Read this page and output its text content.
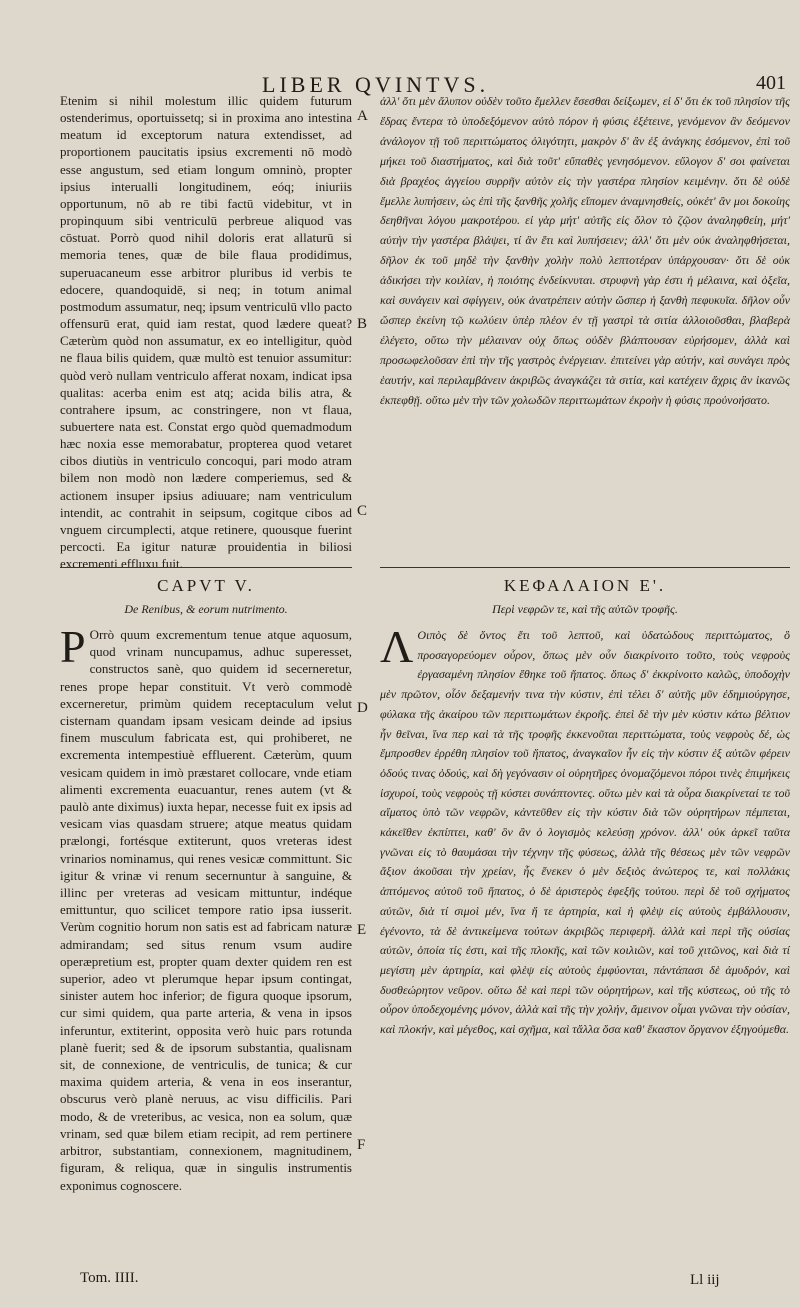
LIBER QVINTVS.	401

Etenim si nihil molestum illic quidem futurum ostenderimus, oportuissetq; si in proxima ano intestina meatum id exceptorum natura extendisset, ad proportionem paucitatis ipsius excrementi nō modò esse angustum, sed etiam longum omninò, propter ipsius interualli longitudinem, eóq; iniuriis opportunum, nō ab re tibi factū videbitur, vt in propinquum sibi ventriculū perbreue aliquod vas cōstuat. Porrò quod nihil doloris erat allaturū si memoria tenes, quæ de bile flaua prodidimus, superuacaneum esse arbitror pluribus id verbis te edocere, quandoquidē, si neq; in totum animal postmodum assumatur, neq; ipsum ventriculū vllo pacto offensurū erat, quid iam restat, quod lædere queat? Cæterùm quòd non assumatur, ex eo intelligitur, quòd ne flaua bilis quidem, quæ multò est tenuior assumitur: quòd verò nullam ventriculo afferat noxam, indicat ipsa qualitas: acerba enim est atq; acida bilis atra, & contrahere ipsum, ac constringere, non vt flaua, subuertere nata est. Constat ergo quòd quemadmodum hæc noxia esse memorabatur, propterea quod vetaret cibos diutiùs in ventriculo concoqui, pari modo atram bilem non modò non lædere comperiemus, sed & actionem insuper ipsius adiuuare; nam ventriculum intendit, ac contrahit in seipsum, cogitque cibos ad vnguem circumplecti, atque retinere, quousque fuerint percocti. Ea igitur naturæ prouidentia in biliosi excrementi effluxu fuit.

A
B
C
D
E
F

ἀλλ' ὅτι μὲν ἄλυπον οὐδὲν τοῦτο ἔμελλεν ἔσεσθαι δείξωμεν, εἰ δ' ὅτι ἐκ τοῦ πλησίον τῆς ἕδρας ἔντερα τὸ ὑποδεξόμενον αὐτὸ πόρον ἡ φύσις ἐξέτεινε, γενόμενον ἂν δεόμενον ἀνάλογον τῇ τοῦ περιττώματος ὀλιγότητι, μακρὸν δ' ἂν ἐξ ἀνάγκης ἐσόμενον, ἐπὶ τοῦ μήκει τοῦ διαστήματος, καὶ διὰ τοῦτ' εὔπαθὲς γενησόμενον. εὔλογον δ' σοι φαίνεται διὰ βραχέος ἀγγείου συρρῆν αὐτὸν εἰς τὴν γαστέρα πλησίον κειμένην. ὅτι δὲ οὐδὲ ἔμελλε λυπήσειν, ὡς ἐπὶ τῆς ξανθῆς χολῆς εἴπομεν ἀναμνησθείς, οὐκέτ' ἂν μοι δοκοίης δεηθῆναι λόγου μακροτέρου. εἰ γὰρ μήτ' αὐτῆς εἰς ὅλον τὸ ζῷον ἀναληφθείη, μήτ' αὐτὴν τὴν γαστέρα βλάψει, τί ἂν ἔτι καὶ λυπήσειεν; ἀλλ' ὅτι μὲν οὐκ ἀναληφθήσεται, δῆλον ἐκ τοῦ μηδὲ τὴν ξανθὴν χολὴν πολὺ λεπτοτέραν ὑπάρχουσαν· ὅτι δὲ οὐκ ἀδικήσει τὴν κοιλίαν, ἡ ποιότης ἐνδείκνυται. στρυφνὴ γὰρ ἐστι ἡ μέλαινα, καὶ ὀξεῖα, καὶ συνάγειν καὶ σφίγγειν, οὐκ ἀνατρέπειν αὐτὴν ὥσπερ ἡ ξανθὴ πεφυκυῖα. δῆλον οὖν ὥσπερ ἐκείνη τῷ κωλύειν ὑπὲρ πλέον ἐν τῇ γαστρὶ τὰ σιτία ἀλλοιοῦσθαι, βλαβερὰ ἐλέγετο, οὕτω τὴν μέλαιναν οὐχ ὅπως οὐδὲν βλάπτουσαν εὑρήσομεν, ἀλλὰ καὶ προσωφελοῦσαν ἐπὶ τὴν τῆς γαστρὸς ἐνέργειαν. ἐπιτείνει γὰρ αὐτήν, καὶ συνάγει πρὸς ἑαυτήν, καὶ περιλαμβάνειν ἀκριβῶς ἀναγκάζει τὰ σιτία, καὶ κατέχειν ἄχρις ἂν ἱκανῶς ἐκπεφθῇ. οὕτω μὲν τὴν τῶν χολωδῶν περιττωμάτων ἐκροὴν ἡ φύσις προὐνοήσατο.

CAPVT V.
De Renibus, & eorum nutrimento.
ΚΕΦΑΛΑΙΟΝ Ε'.
Περὶ νεφρῶν τε, καὶ τῆς αὐτῶν τροφῆς.

P Orrò quum excrementum tenue atque aquosum, quod vrinam nuncupamus, adhuc superesset, constructos sanè, quo quidem id secerneretur, renes prope hepar constituit. Vt verò commodè excerneretur, primùm quidem receptaculum velut cisternam quandam ipsam vesicam deinde ad ipsius finem musculum fabricata est, qui prohiberet, ne excrementa intempestiuè effluerent. Cæterùm, quum vesicam quidem in imò præstaret collocare, vnde etiam alimenti excrementa euacuantur, renes autem (vt & paulò ante diximus) iuxta hepar, necesse fuit ex ipsis ad vesicam vias quasdam struere; atque meatus quidam prælongi, fortésque extiterunt, quos vreteras idest vrinarios nominamus, qui renes vesicæ committunt. Sic igitur & vrinæ vi renum secernuntur à sanguine, & illinc per vreteras ad vesicam mittuntur, indéque emittuntur, quo scilicet tempore ratio ipsa iusserit. Verùm cognitio horum non satis est ad fabricam naturæ admirandam; sed situs renum vsum audire operæpretium est, propter quam dexter quidem ren est superior, adeo vt plerumque hepar ipsum contingat, sinister autem hoc inferior; de figura quoque ipsorum, cur simi quidem, qua parte arteria, & vena in ipsos inferuntur, extiterint, opposita verò huic pars rotunda planè fuerit; sed & de ipsorum substantia, qualisnam sit, de connexione, de ventriculis, de tunica; & cur maxima quidem arteria, & vena in eos inserantur, obscurus verò planè neruus, ac visu difficilis. Pari modo, & de vreteribus, ac vesica, non ea solum, quæ vrinam, sed quæ bilem etiam recipit, ad rem pertinere arbitror, substantiam, connexionem, magnitudinem, figuram, & reliqua, quæ in singulis instrumentis exponimus cognoscere.

Λ Οιπὸς δὲ ὄντος ἔτι τοῦ λεπτοῦ, καὶ ὑδατώδους περιττώματος, ὃ προσαγορεύομεν οὖρον, ὅπως μὲν οὖν διακρίνοιτο τοῦτο, τοὺς νεφροὺς ἐργασαμένη πλησίον ἔθηκε τοῦ ἥπατος. ὅπως δ' ἐκκρίνοιτο καλῶς, ὑποδοχὴν μὲν πρῶτον, οἷόν δεξαμενήν τινα τὴν κύστιν, ἐπὶ τέλει δ' αὐτῆς μῦν ἐδημιούργησε, φύλακα τῆς ἀκαίρου τῶν περιττωμάτων ἐκροῆς. ἐπεὶ δὲ τὴν μὲν κύστιν κάτω βέλτιον ἦν θεῖναι, ἵνα περ καὶ τὰ τῆς τροφῆς ἐκκενοῦται περιττώματα, τοὺς νεφροὺς δέ, ὡς ἔμπροσθεν ἐρρέθη πλησίον τοῦ ἥπατος, ἀναγκαῖον ἦν εἰς τὴν κύστιν ἐξ αὐτῶν φέρειν ὁδούς τινας ὁδούς, καὶ δὴ γεγόνασιν οἱ οὐρητῆρες ὀνομαζόμενοι πόροι τινὲς ἐπιμήκεις ἰσχυροί, τοὺς νεφροὺς τῇ κύστει συνάπτοντες. οὕτω μὲν καὶ τὰ οὖρα διακρίνεταί τε τοῦ αἵματος ὑπὸ τῶν νεφρῶν, κἀντεῦθεν εἰς τὴν κύστιν διὰ τῶν οὐρητήρων πέμπεται, κἀκεῖθεν ἐκπίπτει, καθ' ὃν ἂν ὁ λογισμὸς κελεύσῃ χρόνον. ἀλλ' οὐκ ἀρκεῖ ταῦτα γνῶναι εἰς τὸ θαυμάσαι τὴν τέχνην τῆς φύσεως, ἀλλὰ τῆς θέσεως μὲν τῶν νεφρῶν ἄξιον ἀκοῦσαι τὴν χρείαν, ἧς ἕνεκεν ὁ μὲν δεξιὸς ἀνώτερος τε, καὶ πολλάκις ἁπτόμενος αὐτοῦ τοῦ ἥπατος, ὁ δὲ ἀριστερὸς ἐφεξῆς τούτου. περὶ δὲ τοῦ σχήματος αὐτῶν, διὰ τί σιμοὶ μέν, ἵνα ἥ τε ἀρτηρία, καὶ ἡ φλὲψ εἰς αὐτοὺς ἐμβάλλουσιν, ἐγένοντο, τὰ δὲ ἀντικείμενα τούτων ἀκριβῶς περιφερῆ. ἀλλὰ καὶ περὶ τῆς οὐσίας αὐτῶν, ὁποία τίς ἐστι, καὶ τῆς πλοκῆς, καὶ τῶν κοιλιῶν, καὶ τοῦ χιτῶνος, καὶ διὰ τί μεγίστη μὲν ἀρτηρία, καὶ φλὲψ εἰς αὐτοὺς ἐμφύονται, πάντάπασι δὲ ἀμυδρόν, καὶ δυσθεώρητον νεῦρον. οὕτω δὲ καὶ περὶ τῶν οὐρητήρων, καὶ τῆς κύστεως, οὐ τῆς τὸ οὖρον ὑποδεχομένης μόνον, ἀλλὰ καὶ τῆς τὴν χολήν, ἄμεινον οἶμαι γνῶναι τὴν οὐσίαν, καὶ πλοκήν, καὶ μέγεθος, καὶ σχῆμα, καὶ τἄλλα ὅσα καθ' ἕκαστον ὄργανον ἐξηγούμεθα.

Tom. IIII.	Ll iij
